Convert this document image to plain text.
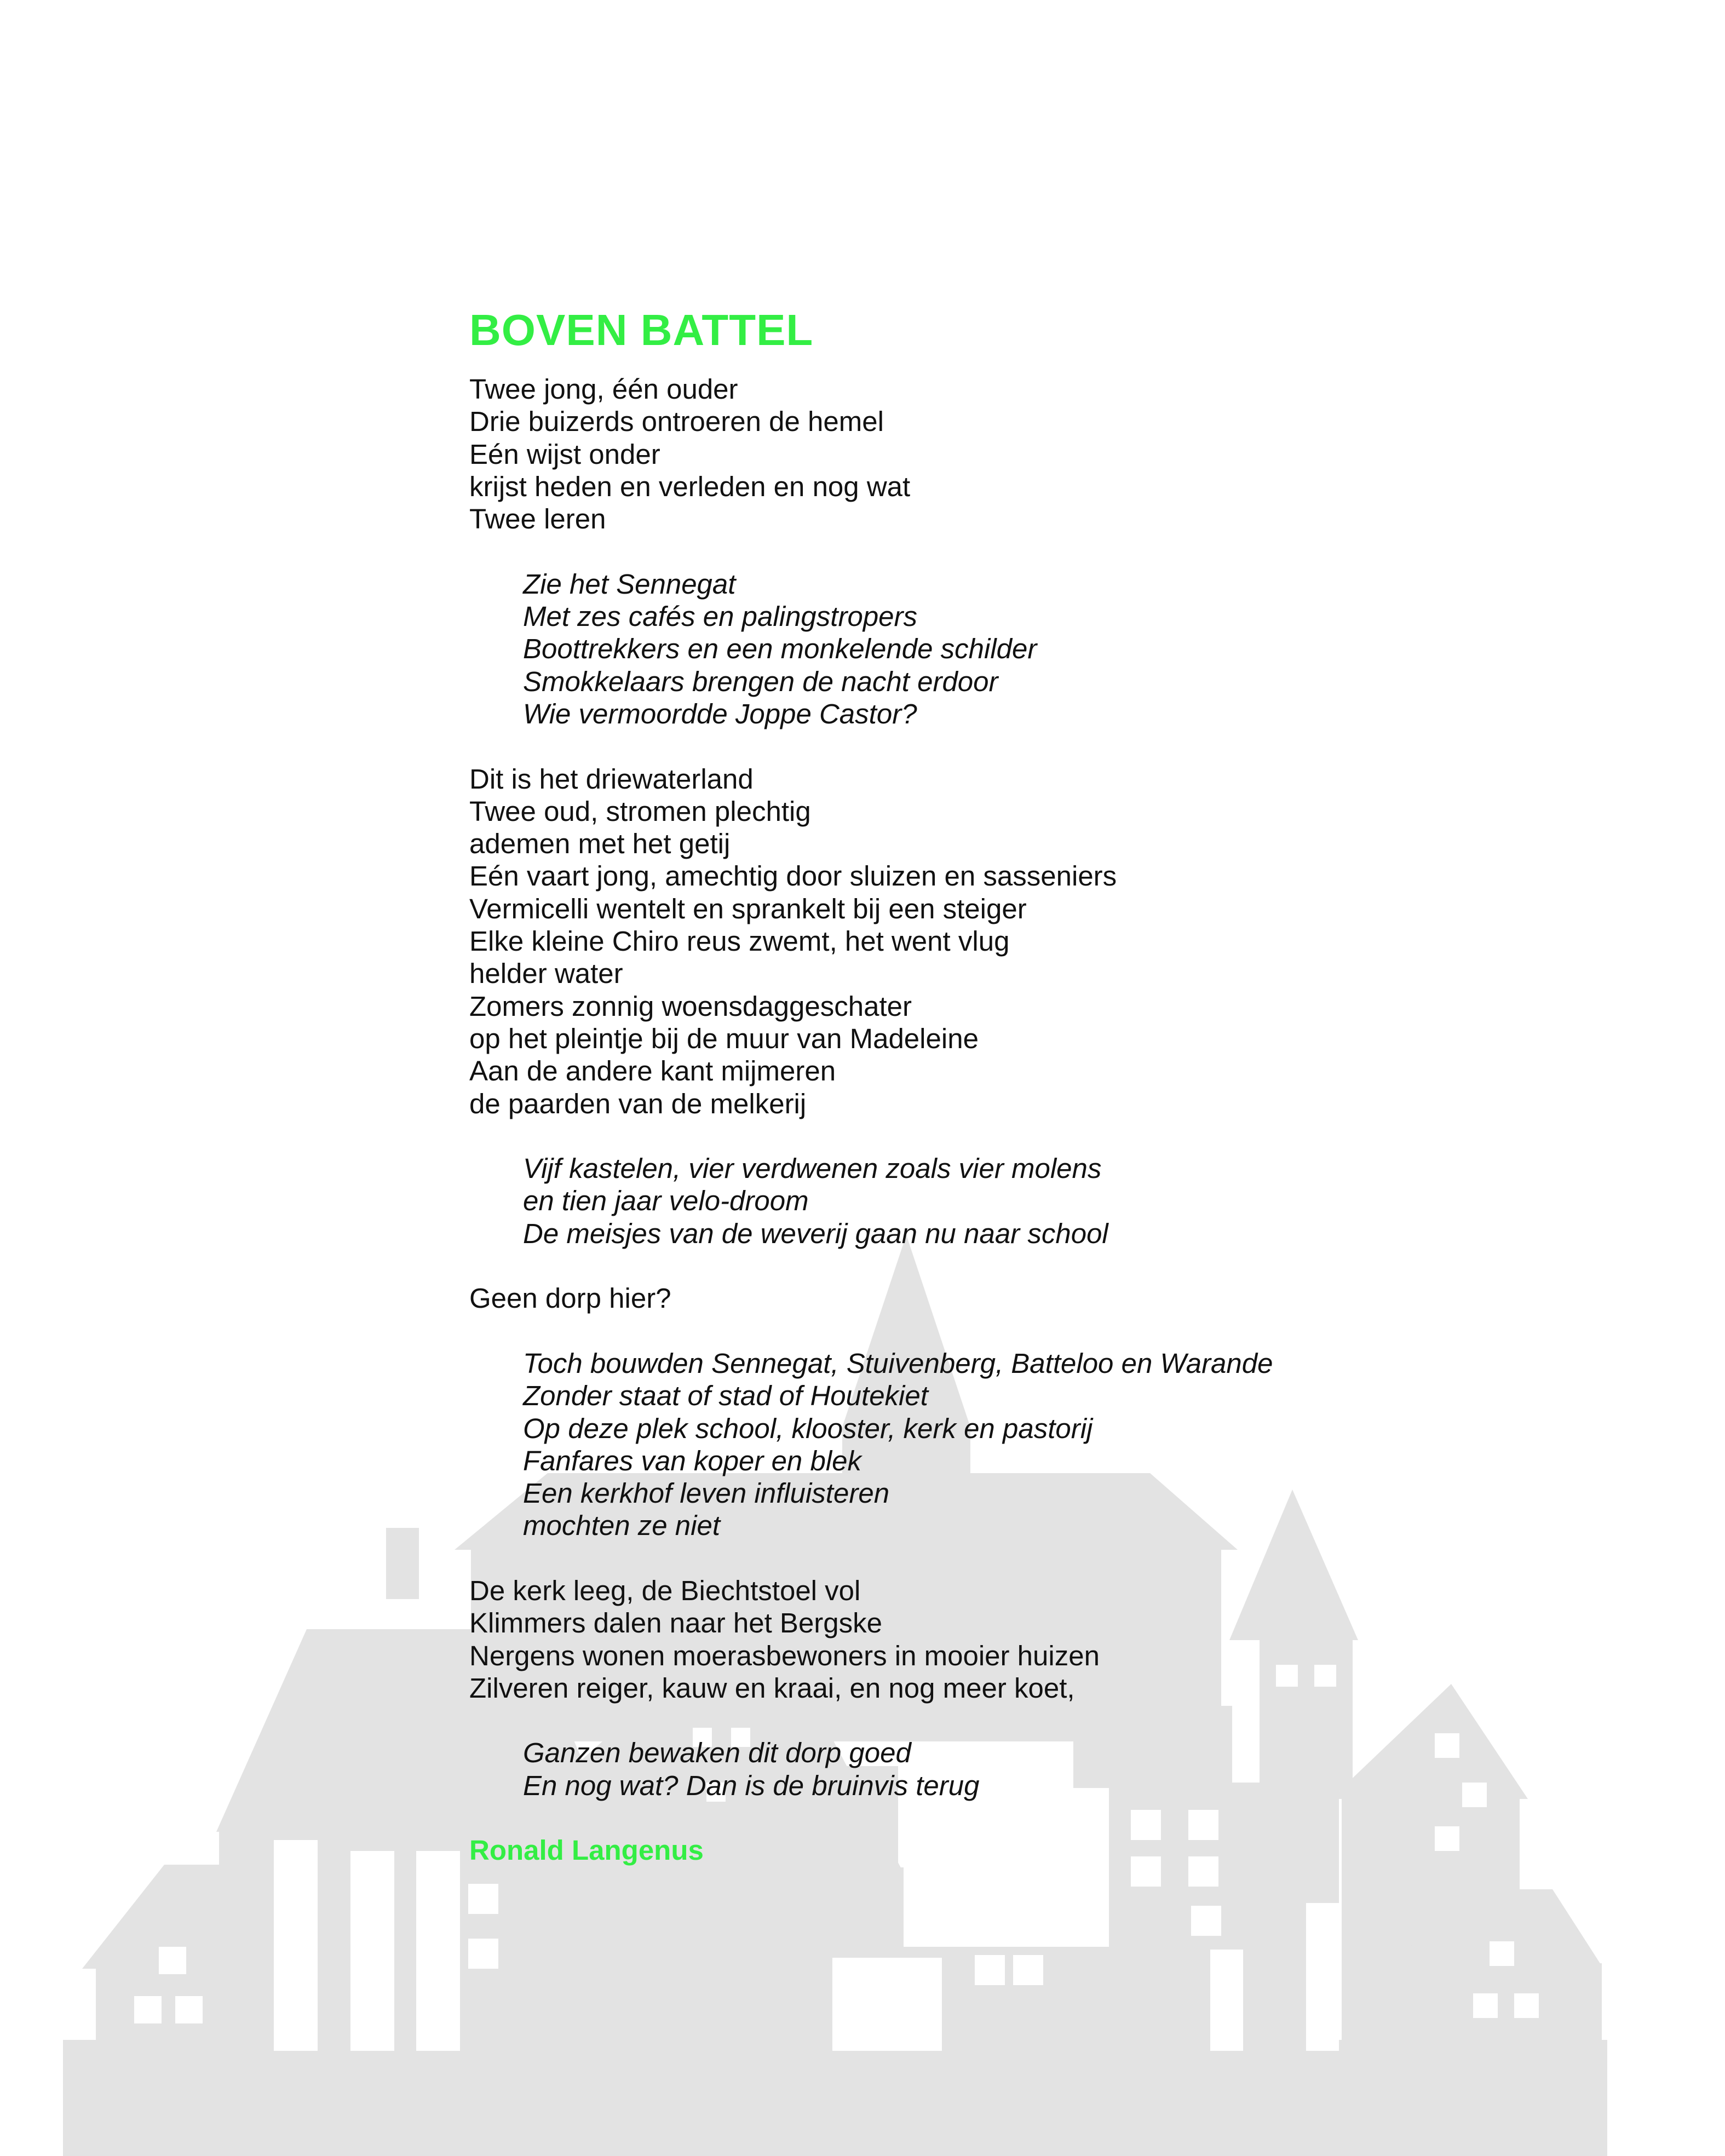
BOVEN BATTEL
Twee jong, één ouder
Drie buizerds ontroeren de hemel
Eén wijst onder
krijst heden en verleden en nog wat
Twee leren
Zie het Sennegat
Met zes cafés en palingstropers
Boottrekkers en een monkelende schilder
Smokkelaars brengen de nacht erdoor
Wie vermoordde Joppe Castor?
Dit is het driewaterland
Twee oud, stromen plechtig
ademen met het getij
Eén vaart jong, amechtig door sluizen en sasseniers
Vermicelli wentelt en sprankelt bij een steiger
Elke kleine Chiro reus zwemt, het went vlug
helder water
Zomers zonnig woensdaggeschater
op het pleintje bij de muur van Madeleine
Aan de andere kant mijmeren
de paarden van de melkerij
Vijf kastelen, vier verdwenen zoals vier molens
en tien jaar velo-droom
De meisjes van de weverij gaan nu naar school
Geen dorp hier?
Toch bouwden Sennegat, Stuivenberg, Batteloo en Warande
Zonder staat of stad of Houtekiet
Op deze plek school, klooster, kerk en pastorij
Fanfares van koper en blek
Een kerkhof leven influisteren
mochten ze niet
De kerk leeg, de Biechtstoel vol
Klimmers dalen naar het Bergske
Nergens wonen moerasbewoners in mooier huizen
Zilveren reiger, kauw en kraai, en nog meer koet,
Ganzen bewaken dit dorp goed
En nog wat? Dan is de bruinvis terug
Ronald Langenus
